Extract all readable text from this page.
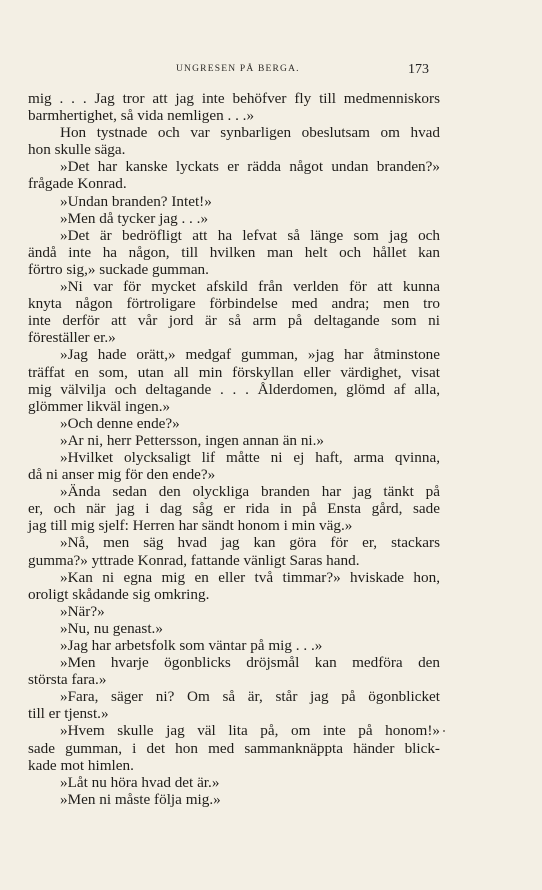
UNGRESEN PÅ BERGA.	173
mig . . . Jag tror att jag inte behöfver fly till medmenniskors
barmhertighet, så vida nemligen . . .»
Hon tystnade och var synbarligen obeslutsam om hvad
hon skulle säga.
»Det har kanske lyckats er rädda något undan branden?»
frågade Konrad.
»Undan branden? Intet!»
»Men då tycker jag . . .»
»Det är bedröfligt att ha lefvat så länge som jag och
ändå inte ha någon, till hvilken man helt och hållet kan
förtro sig,» suckade gumman.
»Ni var för mycket afskild från verlden för att kunna
knyta någon förtroligare förbindelse med andra; men tro
inte derför att vår jord är så arm på deltagande som ni
föreställer er.»
»Jag hade orätt,» medgaf gumman, »jag har åtminstone
träffat en som, utan all min förskyllan eller värdighet, visat
mig välvilja och deltagande . . . Ålderdomen, glömd af alla,
glömmer likväl ingen.»
»Och denne ende?»
»Ar ni, herr Pettersson, ingen annan än ni.»
»Hvilket olycksaligt lif måtte ni ej haft, arma qvinna,
då ni anser mig för den ende?»
»Ända sedan den olyckliga branden har jag tänkt på
er, och när jag i dag såg er rida in på Ensta gård, sade
jag till mig sjelf: Herren har sändt honom i min väg.»
»Nå, men säg hvad jag kan göra för er, stackars
gumma?» yttrade Konrad, fattande vänligt Saras hand.
»Kan ni egna mig en eller två timmar?» hviskade hon,
oroligt skådande sig omkring.
»När?»
»Nu, nu genast.»
»Jag har arbetsfolk som väntar på mig . . .»
»Men hvarje ögonblicks dröjsmål kan medföra den
största fara.»
»Fara, säger ni? Om så är, står jag på ögonblicket
till er tjenst.»
»Hvem skulle jag väl lita på, om inte på honom!»
sade gumman, i det hon med sammanknäppta händer blick-
kade mot himlen.
»Låt nu höra hvad det är.»
»Men ni måste följa mig.»
